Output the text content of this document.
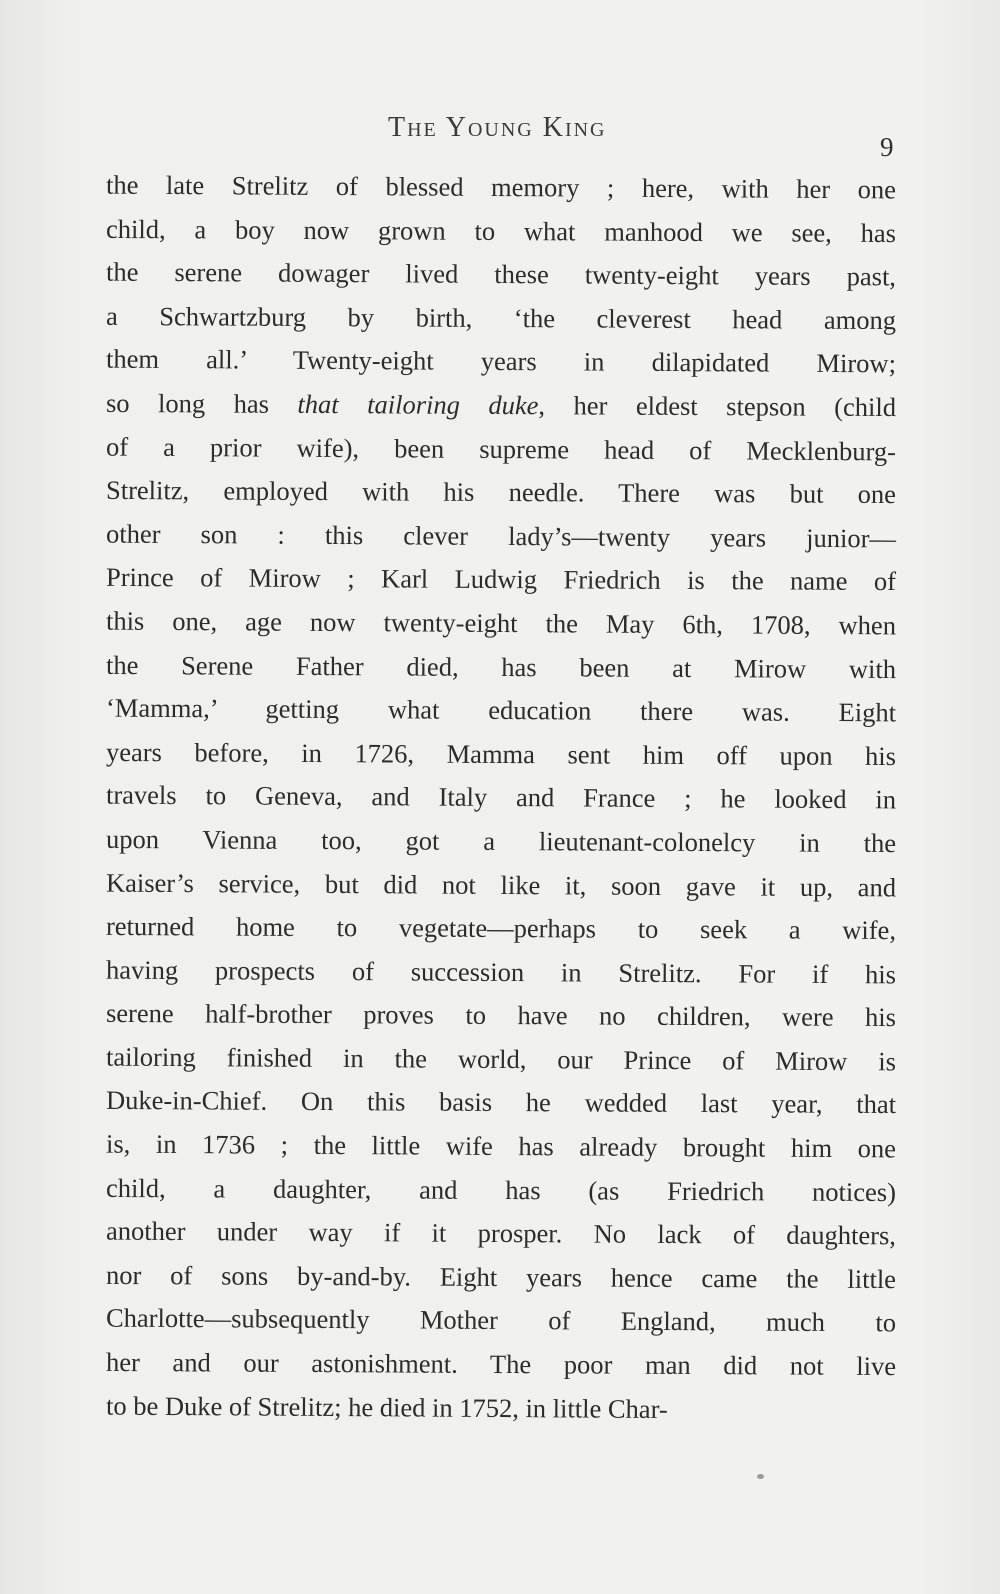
The Young King
9
the late Strelitz of blessed memory ; here, with her one
child, a boy now grown to what manhood we see, has
the serene dowager lived these twenty-eight years past,
a Schwartzburg by birth, ‘the cleverest head among
them all.’ Twenty-eight years in dilapidated Mirow;
so long has that tailoring duke, her eldest stepson (child
of a prior wife), been supreme head of Mecklenburg-
Strelitz, employed with his needle. There was but one
other son : this clever lady’s—twenty years junior—
Prince of Mirow ; Karl Ludwig Friedrich is the name of
this one, age now twenty-eight the May 6th, 1708, when
the Serene Father died, has been at Mirow with
‘Mamma,’ getting what education there was. Eight
years before, in 1726, Mamma sent him off upon his
travels to Geneva, and Italy and France ; he looked in
upon Vienna too, got a lieutenant-colonelcy in the
Kaiser’s service, but did not like it, soon gave it up, and
returned home to vegetate—perhaps to seek a wife,
having prospects of succession in Strelitz. For if his
serene half-brother proves to have no children, were his
tailoring finished in the world, our Prince of Mirow is
Duke-in-Chief. On this basis he wedded last year, that
is, in 1736 ; the little wife has already brought him one
child, a daughter, and has (as Friedrich notices)
another under way if it prosper. No lack of daughters,
nor of sons by-and-by. Eight years hence came the little
Charlotte—subsequently Mother of England, much to
her and our astonishment. The poor man did not live
to be Duke of Strelitz; he died in 1752, in little Char-
